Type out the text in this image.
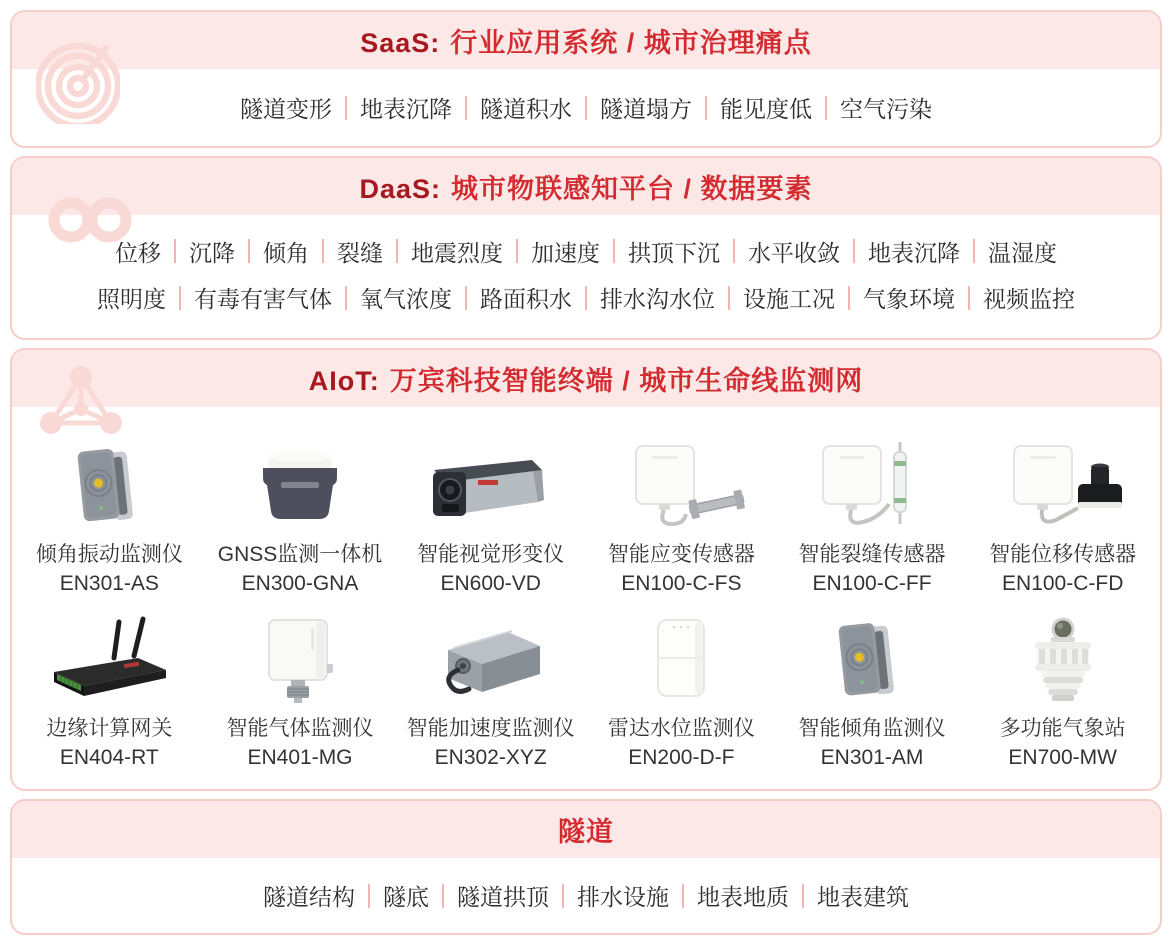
SaaS: 行业应用系统 / 城市治理痛点
隧道变形 地表沉降 隧道积水 隧道塌方 能见度低 空气污染
DaaS: 城市物联感知平台 / 数据要素
位移 沉降 倾角 裂缝 地震烈度 加速度 拱顶下沉 水平收敛 地表沉降 温湿度
照明度 有毒有害气体 氧气浓度 路面积水 排水沟水位 设施工况 气象环境 视频监控
AIoT: 万宾科技智能终端 / 城市生命线监测网
倾角振动监测仪
EN301-AS
GNSS监测一体机
EN300-GNA
智能视觉形变仪
EN600-VD
智能应变传感器
EN100-C-FS
智能裂缝传感器
EN100-C-FF
智能位移传感器
EN100-C-FD
边缘计算网关
EN404-RT
智能气体监测仪
EN401-MG
智能加速度监测仪
EN302-XYZ
雷达水位监测仪
EN200-D-F
智能倾角监测仪
EN301-AM
多功能气象站
EN700-MW
隧道
隧道结构 隧底 隧道拱顶 排水设施 地表地质 地表建筑
